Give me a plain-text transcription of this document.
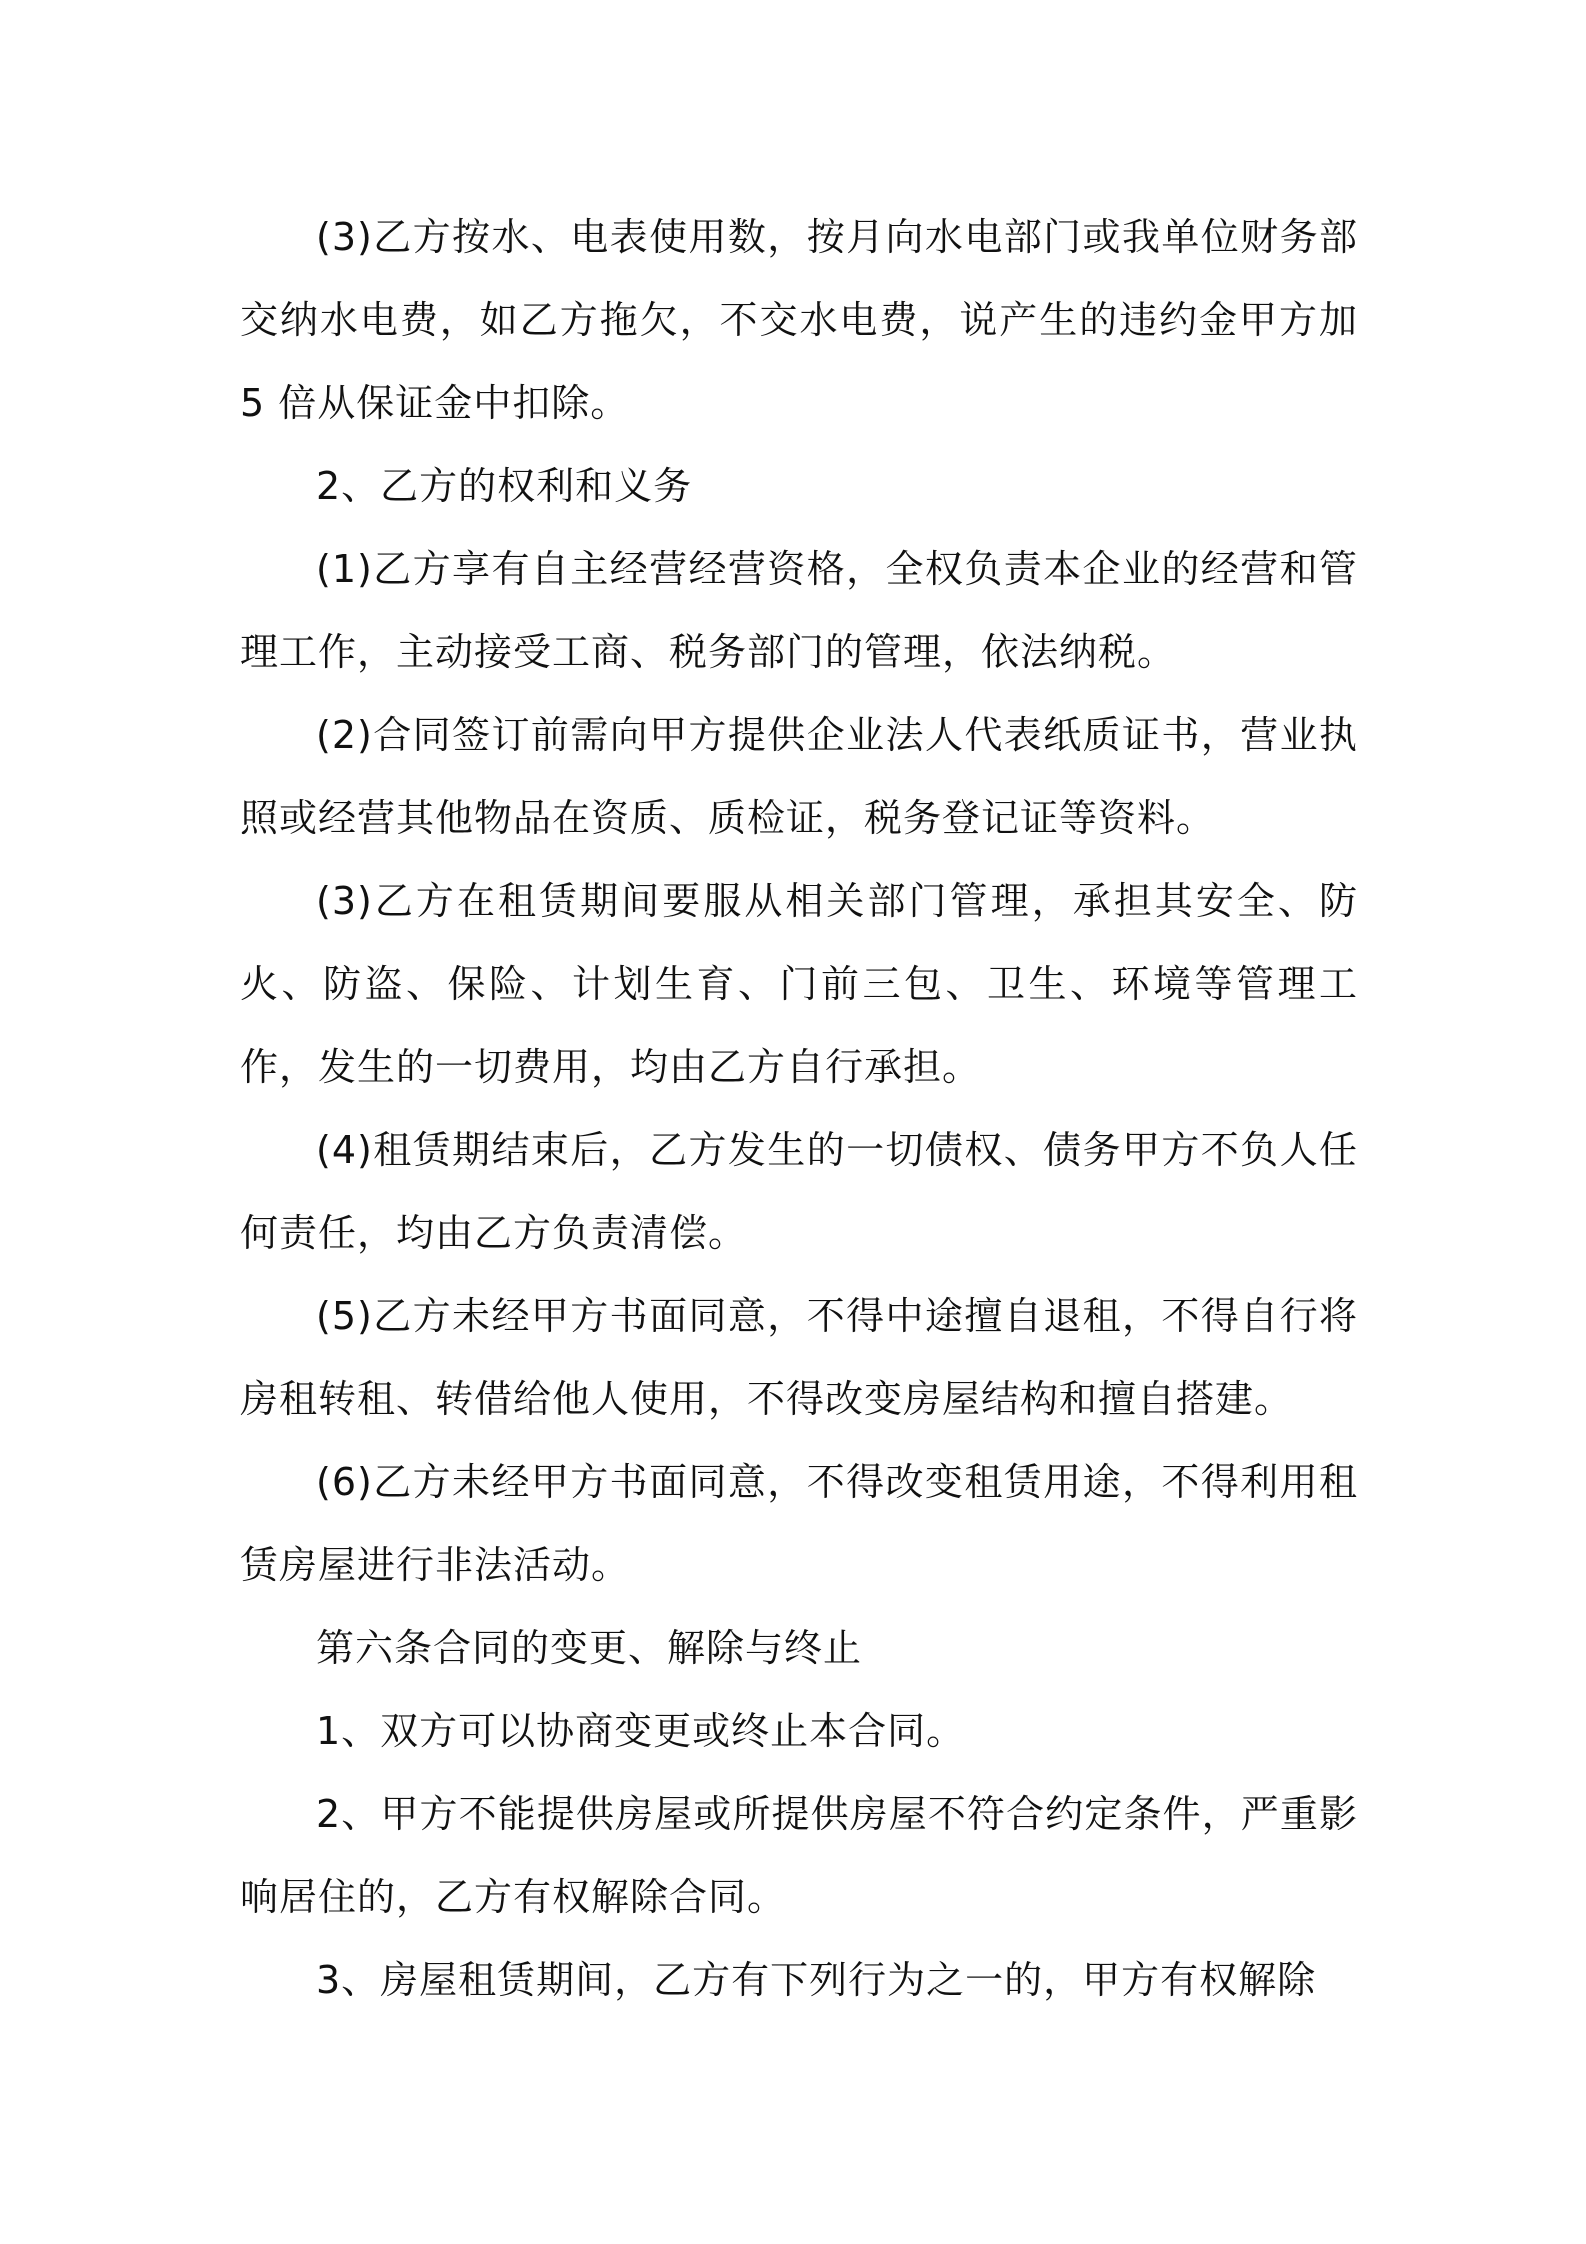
(3)乙方按水、电表使用数，按月向水电部门或我单位财务部交纳水电费，如乙方拖欠，不交水电费，说产生的违约金甲方加 5 倍从保证金中扣除。

2、乙方的权利和义务

(1)乙方享有自主经营经营资格，全权负责本企业的经营和管理工作，主动接受工商、税务部门的管理，依法纳税。

(2)合同签订前需向甲方提供企业法人代表纸质证书，营业执照或经营其他物品在资质、质检证，税务登记证等资料。

(3)乙方在租赁期间要服从相关部门管理，承担其安全、防火、防盗、保险、计划生育、门前三包、卫生、环境等管理工作，发生的一切费用，均由乙方自行承担。

(4)租赁期结束后，乙方发生的一切债权、债务甲方不负人任何责任，均由乙方负责清偿。

(5)乙方未经甲方书面同意，不得中途擅自退租，不得自行将房租转租、转借给他人使用，不得改变房屋结构和擅自搭建。

(6)乙方未经甲方书面同意，不得改变租赁用途，不得利用租赁房屋进行非法活动。

第六条合同的变更、解除与终止

1、双方可以协商变更或终止本合同。

2、甲方不能提供房屋或所提供房屋不符合约定条件，严重影响居住的，乙方有权解除合同。

3、房屋租赁期间，乙方有下列行为之一的，甲方有权解除
